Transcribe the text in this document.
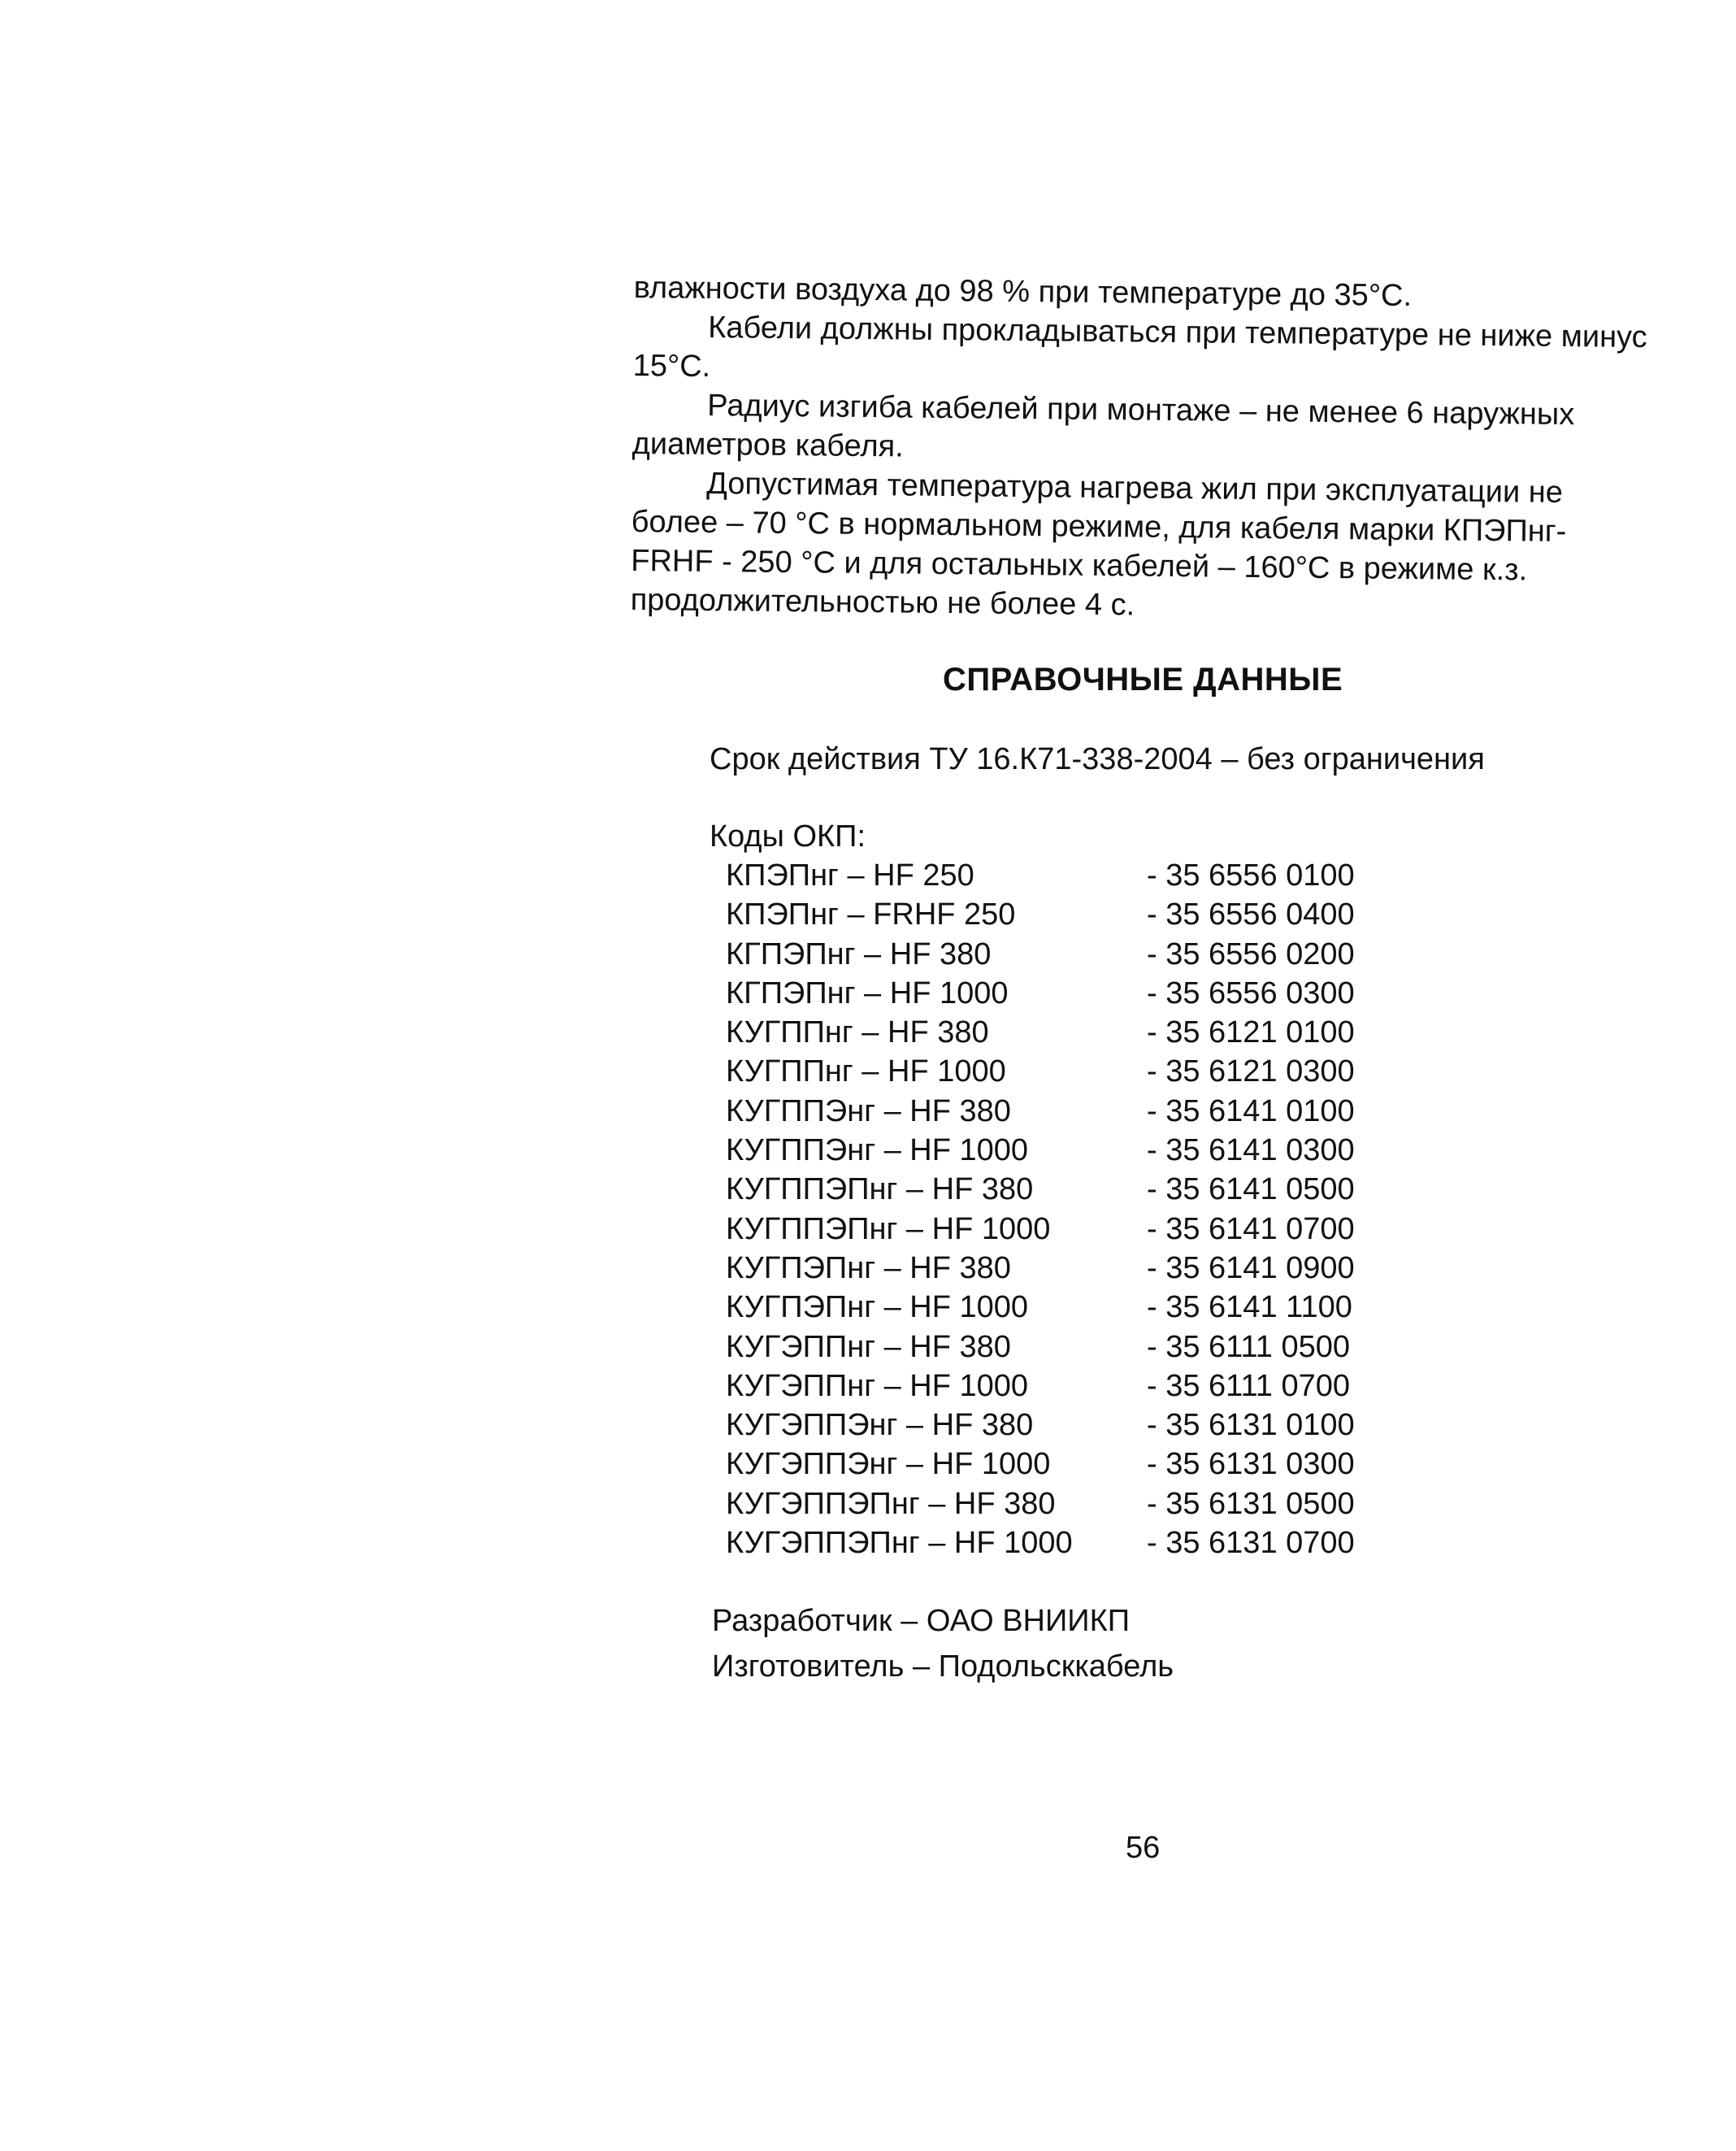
влажности воздуха до 98 % при температуре до 35°С.

Кабели должны прокладываться при температуре не ниже минус 15°С.

Радиус изгиба кабелей при монтаже – не менее 6 наружных диаметров кабеля.

Допустимая температура нагрева жил при эксплуатации не более – 70 °С в нормальном режиме, для кабеля марки КПЭПнг-FRHF - 250 °С и для остальных кабелей – 160°С в режиме к.з. продолжительностью не более 4 с.

СПРАВОЧНЫЕ ДАННЫЕ
Срок действия ТУ 16.К71-338-2004 – без ограничения
Коды ОКП:
КПЭПнг – HF 250	- 35 6556 0100
КПЭПнг – FRHF 250	- 35 6556 0400
КГПЭПнг – HF 380	- 35 6556 0200
КГПЭПнг – HF 1000	- 35 6556 0300
КУГППнг – HF 380	- 35 6121 0100
КУГППнг – HF 1000	- 35 6121 0300
КУГППЭнг – HF 380	- 35 6141 0100
КУГППЭнг – HF 1000	- 35 6141 0300
КУГППЭПнг – HF 380	- 35 6141 0500
КУГППЭПнг – HF 1000	- 35 6141 0700
КУГПЭПнг – HF 380	- 35 6141 0900
КУГПЭПнг – HF 1000	- 35 6141 1100
КУГЭППнг – HF 380	- 35 6111 0500
КУГЭППнг – HF 1000	- 35 6111 0700
КУГЭППЭнг – HF 380	- 35 6131 0100
КУГЭППЭнг – HF 1000	- 35 6131 0300
КУГЭППЭПнг – HF 380	- 35 6131 0500
КУГЭППЭПнг – HF 1000	- 35 6131 0700
Разработчик – ОАО ВНИИКП
Изготовитель – Подольсккабель
56
